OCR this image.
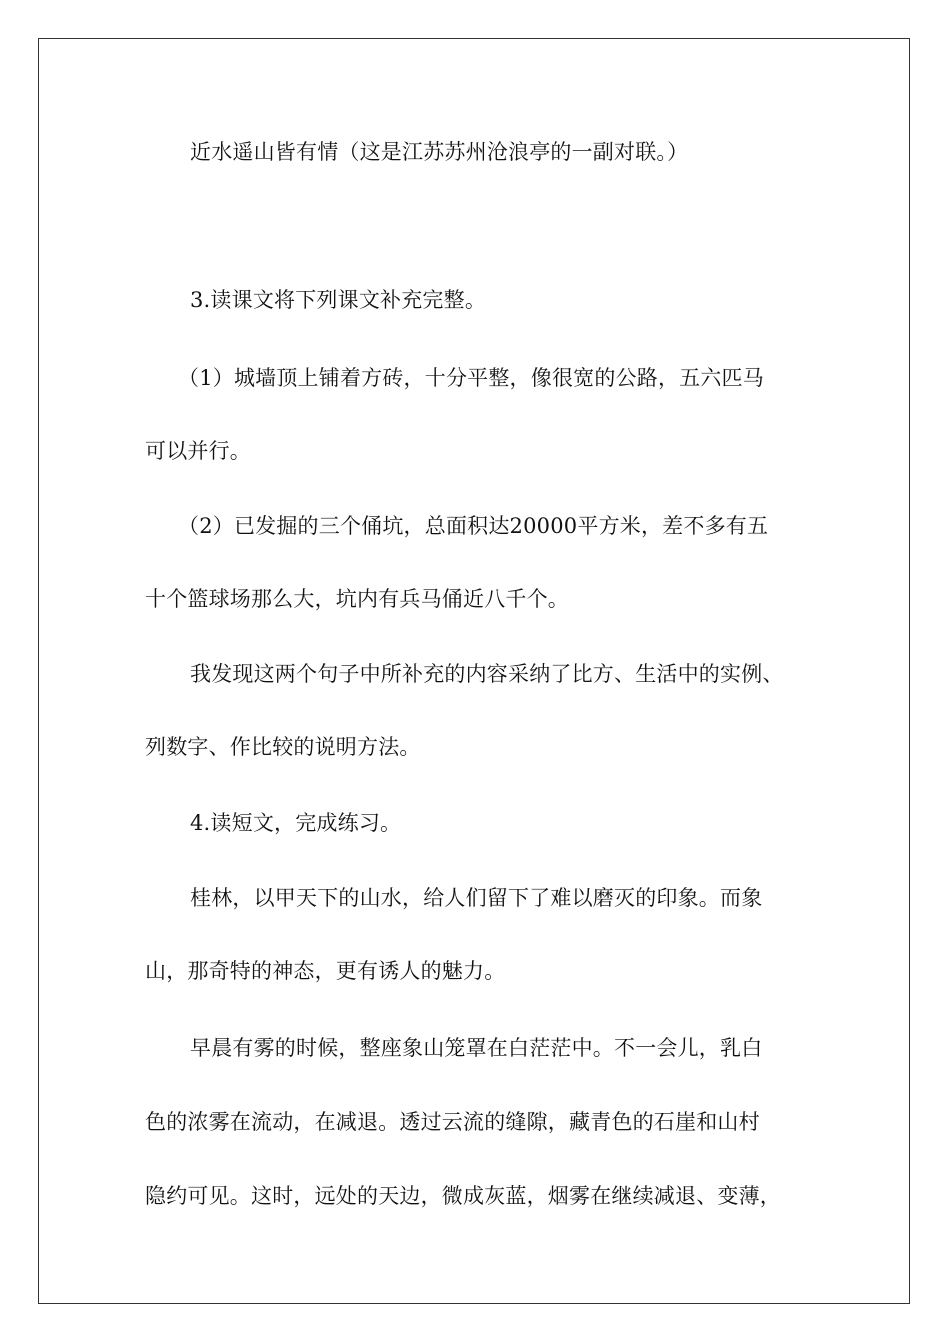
近水遥山皆有情（这是江苏苏州沧浪亭的一副对联。）
3.读课文将下列课文补充完整。
（1）城墙顶上铺着方砖，十分平整，像很宽的公路，五六匹马
可以并行。
（2）已发掘的三个俑坑，总面积达20000平方米，差不多有五
十个篮球场那么大，坑内有兵马俑近八千个。
我发现这两个句子中所补充的内容采纳了比方、生活中的实例、
列数字、作比较的说明方法。
4.读短文，完成练习。
桂林，以甲天下的山水，给人们留下了难以磨灭的印象。而象
山，那奇特的神态，更有诱人的魅力。
早晨有雾的时候，整座象山笼罩在白茫茫中。不一会儿，乳白
色的浓雾在流动，在减退。透过云流的缝隙，藏青色的石崖和山村
隐约可见。这时，远处的天边，微成灰蓝，烟雾在继续减退、变薄，
